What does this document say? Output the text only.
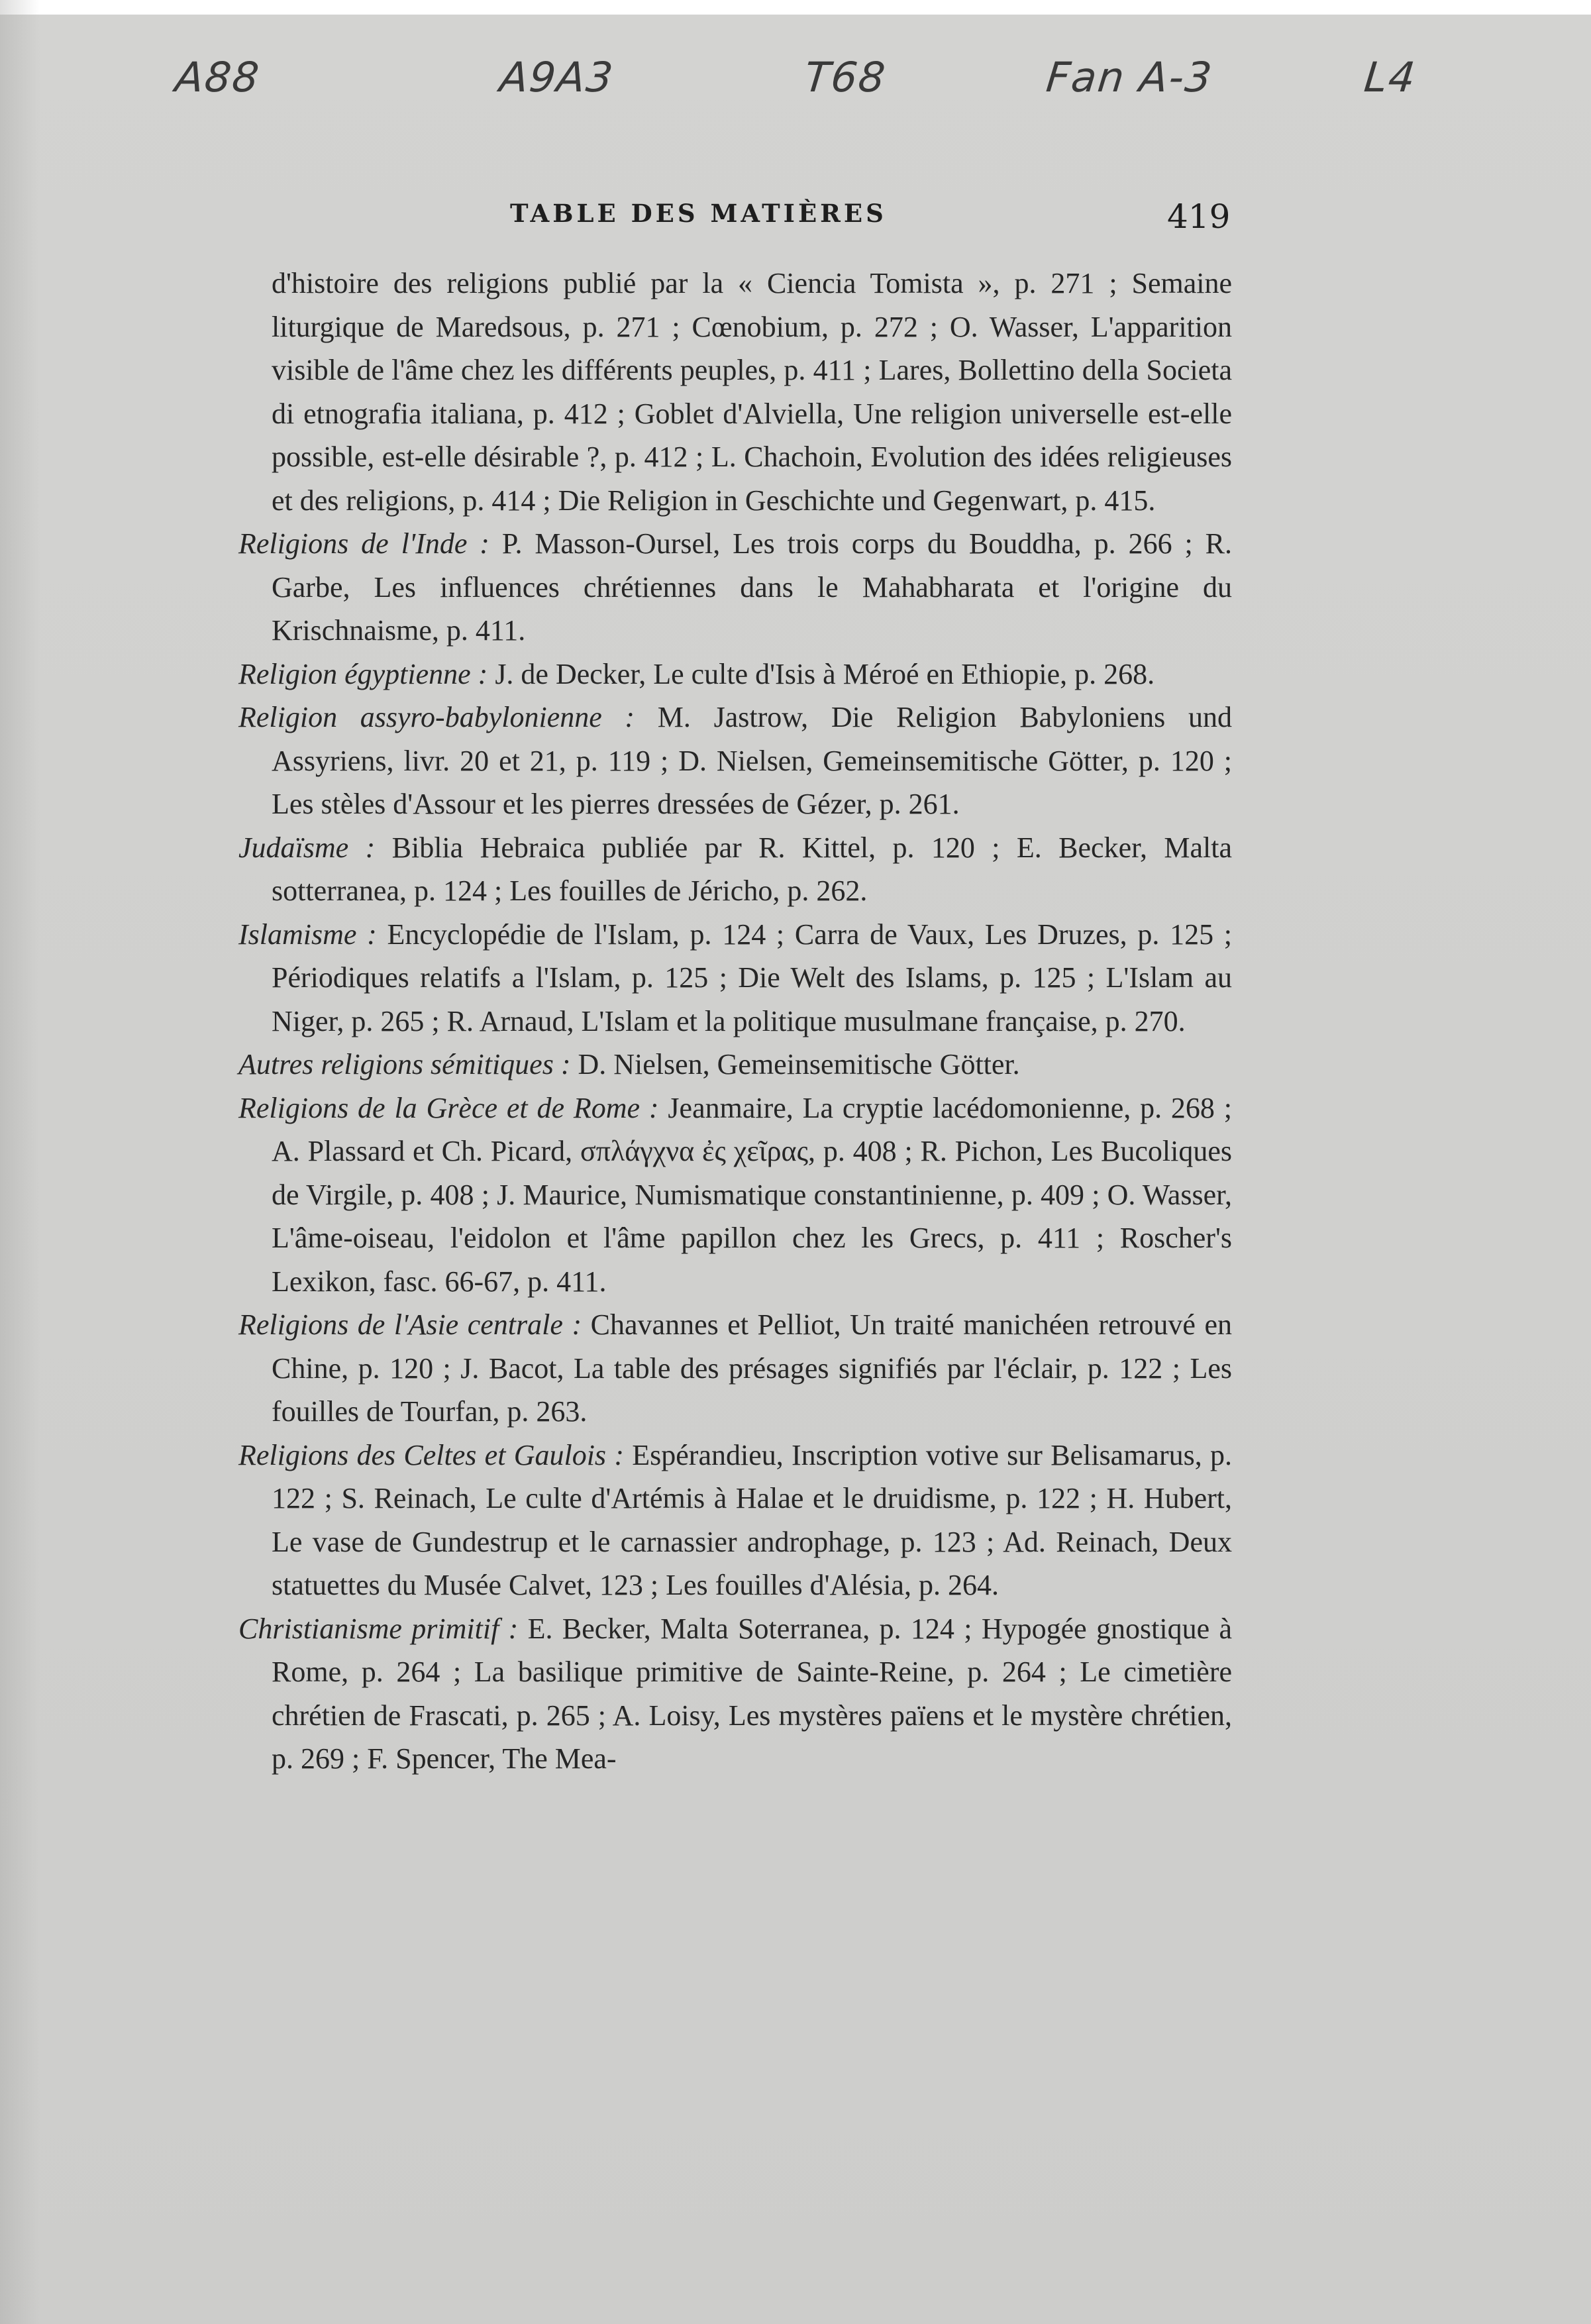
A88	A9A3	T68	Fan A-3	L4
TABLE DES MATIÈRES	419

d'histoire des religions publié par la « Ciencia Tomista », p. 271 ; Semaine liturgique de Maredsous, p. 271 ; Cœnobium, p. 272 ; O. Wasser, L'apparition visible de l'âme chez les différents peuples, p. 411 ; Lares, Bollettino della Societa di etnografia italiana, p. 412 ; Goblet d'Alviella, Une religion universelle est-elle possible, est-elle désirable ?, p. 412 ; L. Chachoin, Evolution des idées religieuses et des religions, p. 414 ; Die Religion in Geschichte und Gegenwart, p. 415.

Religions de l'Inde : P. Masson-Oursel, Les trois corps du Bouddha, p. 266 ; R. Garbe, Les influences chrétiennes dans le Mahabharata et l'origine du Krischnaisme, p. 411.

Religion égyptienne : J. de Decker, Le culte d'Isis à Méroé en Ethiopie, p. 268.

Religion assyro-babylonienne : M. Jastrow, Die Religion Babyloniens und Assyriens, livr. 20 et 21, p. 119 ; D. Nielsen, Gemeinsemitische Götter, p. 120 ; Les stèles d'Assour et les pierres dressées de Gézer, p. 261.

Judaïsme : Biblia Hebraica publiée par R. Kittel, p. 120 ; E. Becker, Malta sotterranea, p. 124 ; Les fouilles de Jéricho, p. 262.

Islamisme : Encyclopédie de l'Islam, p. 124 ; Carra de Vaux, Les Druzes, p. 125 ; Périodiques relatifs a l'Islam, p. 125 ; Die Welt des Islams, p. 125 ; L'Islam au Niger, p. 265 ; R. Arnaud, L'Islam et la politique musulmane française, p. 270.

Autres religions sémitiques : D. Nielsen, Gemeinsemitische Götter.

Religions de la Grèce et de Rome : Jeanmaire, La cryptie lacédomonienne, p. 268 ; A. Plassard et Ch. Picard, σπλάγχνα ἐς χεῖρας, p. 408 ; R. Pichon, Les Bucoliques de Virgile, p. 408 ; J. Maurice, Numismatique constantinienne, p. 409 ; O. Wasser, L'âme-oiseau, l'eidolon et l'âme papillon chez les Grecs, p. 411 ; Roscher's Lexikon, fasc. 66-67, p. 411.

Religions de l'Asie centrale : Chavannes et Pelliot, Un traité manichéen retrouvé en Chine, p. 120 ; J. Bacot, La table des présages signifiés par l'éclair, p. 122 ; Les fouilles de Tourfan, p. 263.

Religions des Celtes et Gaulois : Espérandieu, Inscription votive sur Belisamarus, p. 122 ; S. Reinach, Le culte d'Artémis à Halae et le druidisme, p. 122 ; H. Hubert, Le vase de Gundestrup et le carnassier androphage, p. 123 ; Ad. Reinach, Deux statuettes du Musée Calvet, 123 ; Les fouilles d'Alésia, p. 264.

Christianisme primitif : E. Becker, Malta Soterranea, p. 124 ; Hypogée gnostique à Rome, p. 264 ; La basilique primitive de Sainte-Reine, p. 264 ; Le cimetière chrétien de Frascati, p. 265 ; A. Loisy, Les mystères païens et le mystère chrétien, p. 269 ; F. Spencer, The Mea-
